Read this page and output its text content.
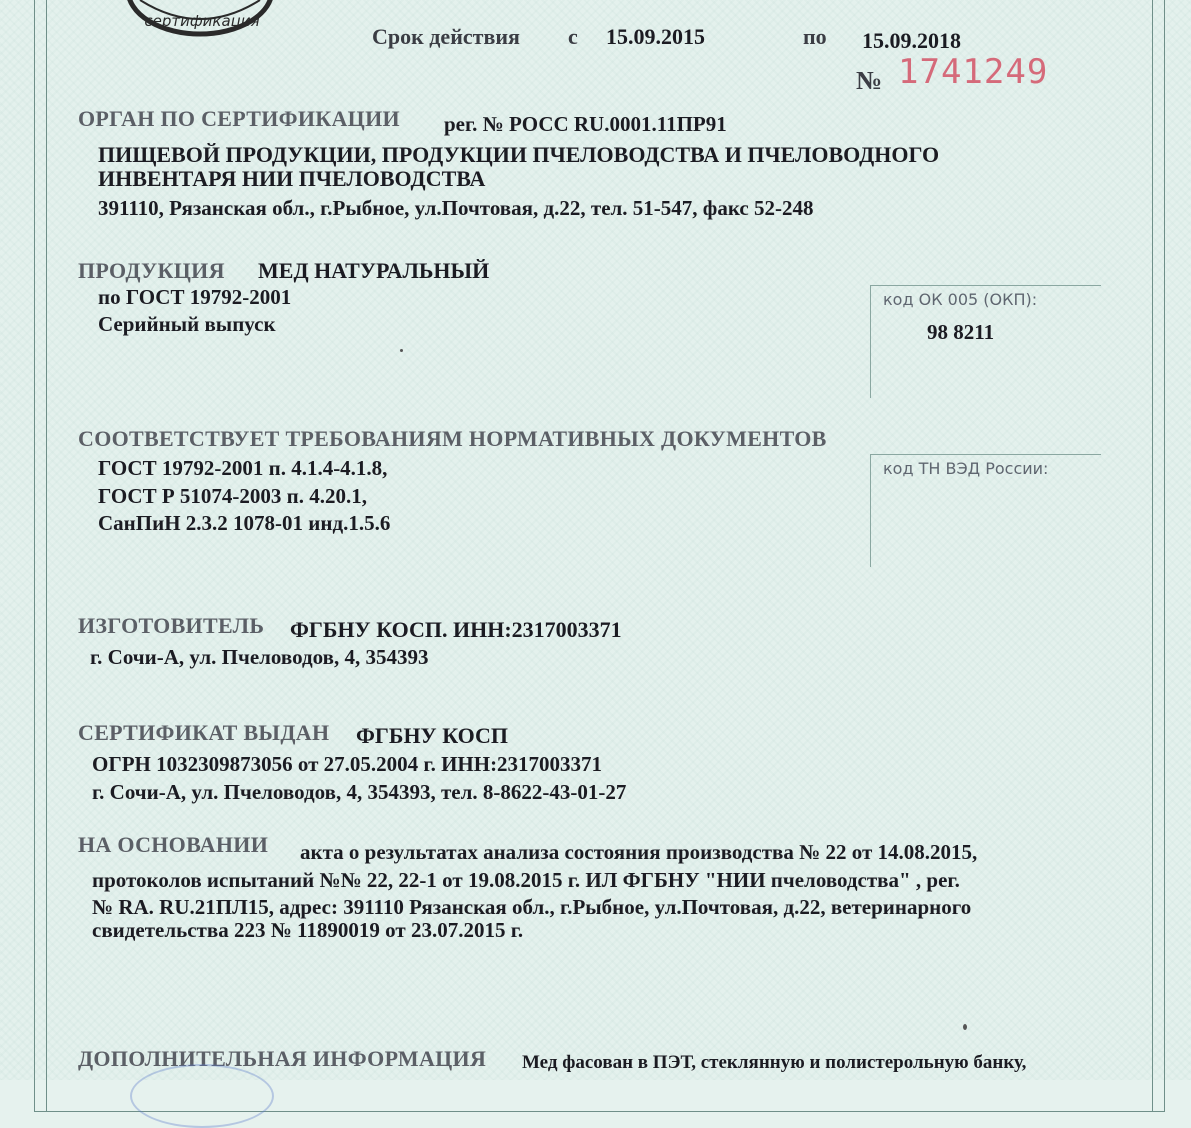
сертификация
Срок действия с 15.09.2015	по 15.09.2018
№ 1741249
ОРГАН ПО СЕРТИФИКАЦИИ рег. № РОСС RU.0001.11ПР91
ПИЩЕВОЙ ПРОДУКЦИИ, ПРОДУКЦИИ ПЧЕЛОВОДСТВА И ПЧЕЛОВОДНОГО
ИНВЕНТАРЯ НИИ ПЧЕЛОВОДСТВА
391110, Рязанская обл., г.Рыбное, ул.Почтовая, д.22, тел. 51-547, факс 52-248
ПРОДУКЦИЯ МЕД НАТУРАЛЬНЫЙ
по ГОСТ 19792-2001
Серийный выпуск
код ОК 005 (ОКП):
98 8211
СООТВЕТСТВУЕТ ТРЕБОВАНИЯМ НОРМАТИВНЫХ ДОКУМЕНТОВ
ГОСТ 19792-2001 п. 4.1.4-4.1.8,
ГОСТ Р 51074-2003 п. 4.20.1,
СанПиН 2.3.2 1078-01 инд.1.5.6
код ТН ВЭД России:
ИЗГОТОВИТЕЛЬ ФГБНУ КОСП. ИНН:2317003371
г. Сочи-А, ул. Пчеловодов, 4, 354393
СЕРТИФИКАТ ВЫДАН ФГБНУ КОСП
ОГРН 1032309873056 от 27.05.2004 г. ИНН:2317003371
г. Сочи-А, ул. Пчеловодов, 4, 354393, тел. 8-8622-43-01-27
НА ОСНОВАНИИ акта о результатах анализа состояния производства № 22 от 14.08.2015,
протоколов испытаний №№ 22, 22-1 от 19.08.2015 г. ИЛ ФГБНУ "НИИ пчеловодства" , рег.
№ RA. RU.21ПЛ15, адрес: 391110 Рязанская обл., г.Рыбное, ул.Почтовая, д.22, ветеринарного
свидетельства 223 № 11890019 от 23.07.2015 г.
ДОПОЛНИТЕЛЬНАЯ ИНФОРМАЦИЯ Мед фасован в ПЭТ, стеклянную и полистерольную банку,
